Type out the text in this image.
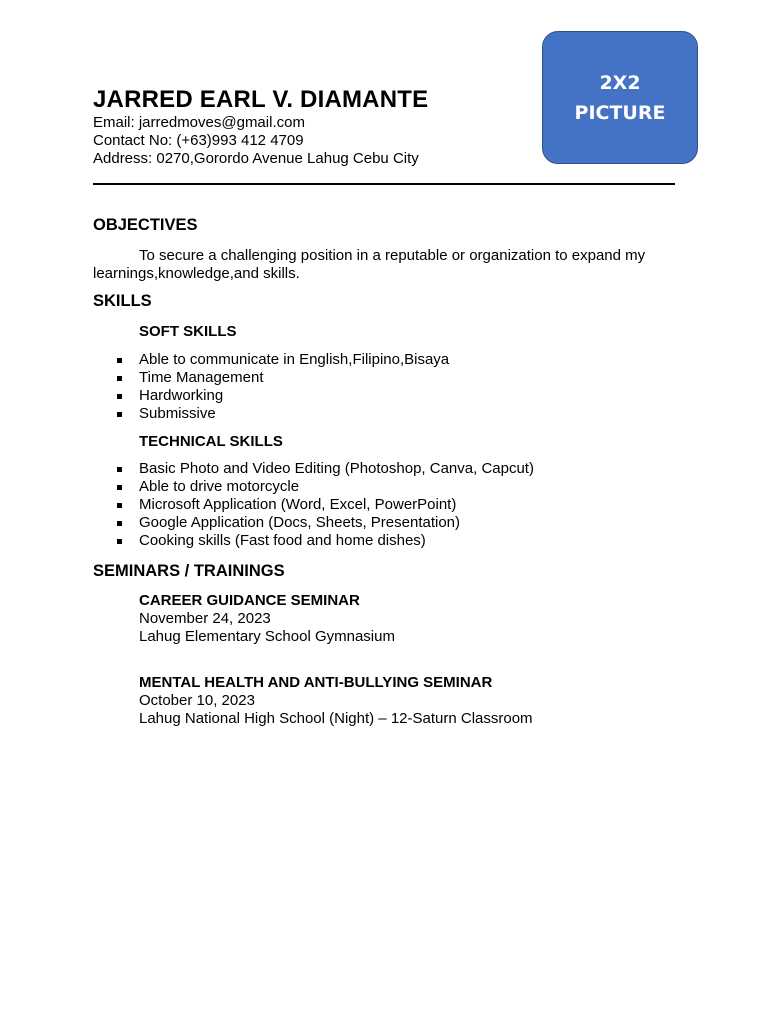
2X2
PICTURE
JARRED EARL V. DIAMANTE
Email: jarredmoves@gmail.com
Contact No: (+63)993 412 4709
Address: 0270,Gorordo Avenue Lahug Cebu City
OBJECTIVES

To secure a challenging position in a reputable or organization to expand my learnings,knowledge,and skills.

SKILLS
SOFT SKILLS
Able to communicate in English,Filipino,Bisaya
Time Management
Hardworking
Submissive
TECHNICAL SKILLS
Basic Photo and Video Editing (Photoshop, Canva, Capcut)
Able to drive motorcycle
Microsoft Application (Word, Excel, PowerPoint)
Google Application (Docs, Sheets, Presentation)
Cooking skills (Fast food and home dishes)
SEMINARS / TRAININGS
CAREER GUIDANCE SEMINAR
November 24, 2023
Lahug Elementary School Gymnasium
MENTAL HEALTH AND ANTI-BULLYING SEMINAR
October 10, 2023
Lahug National High School (Night) – 12-Saturn Classroom
